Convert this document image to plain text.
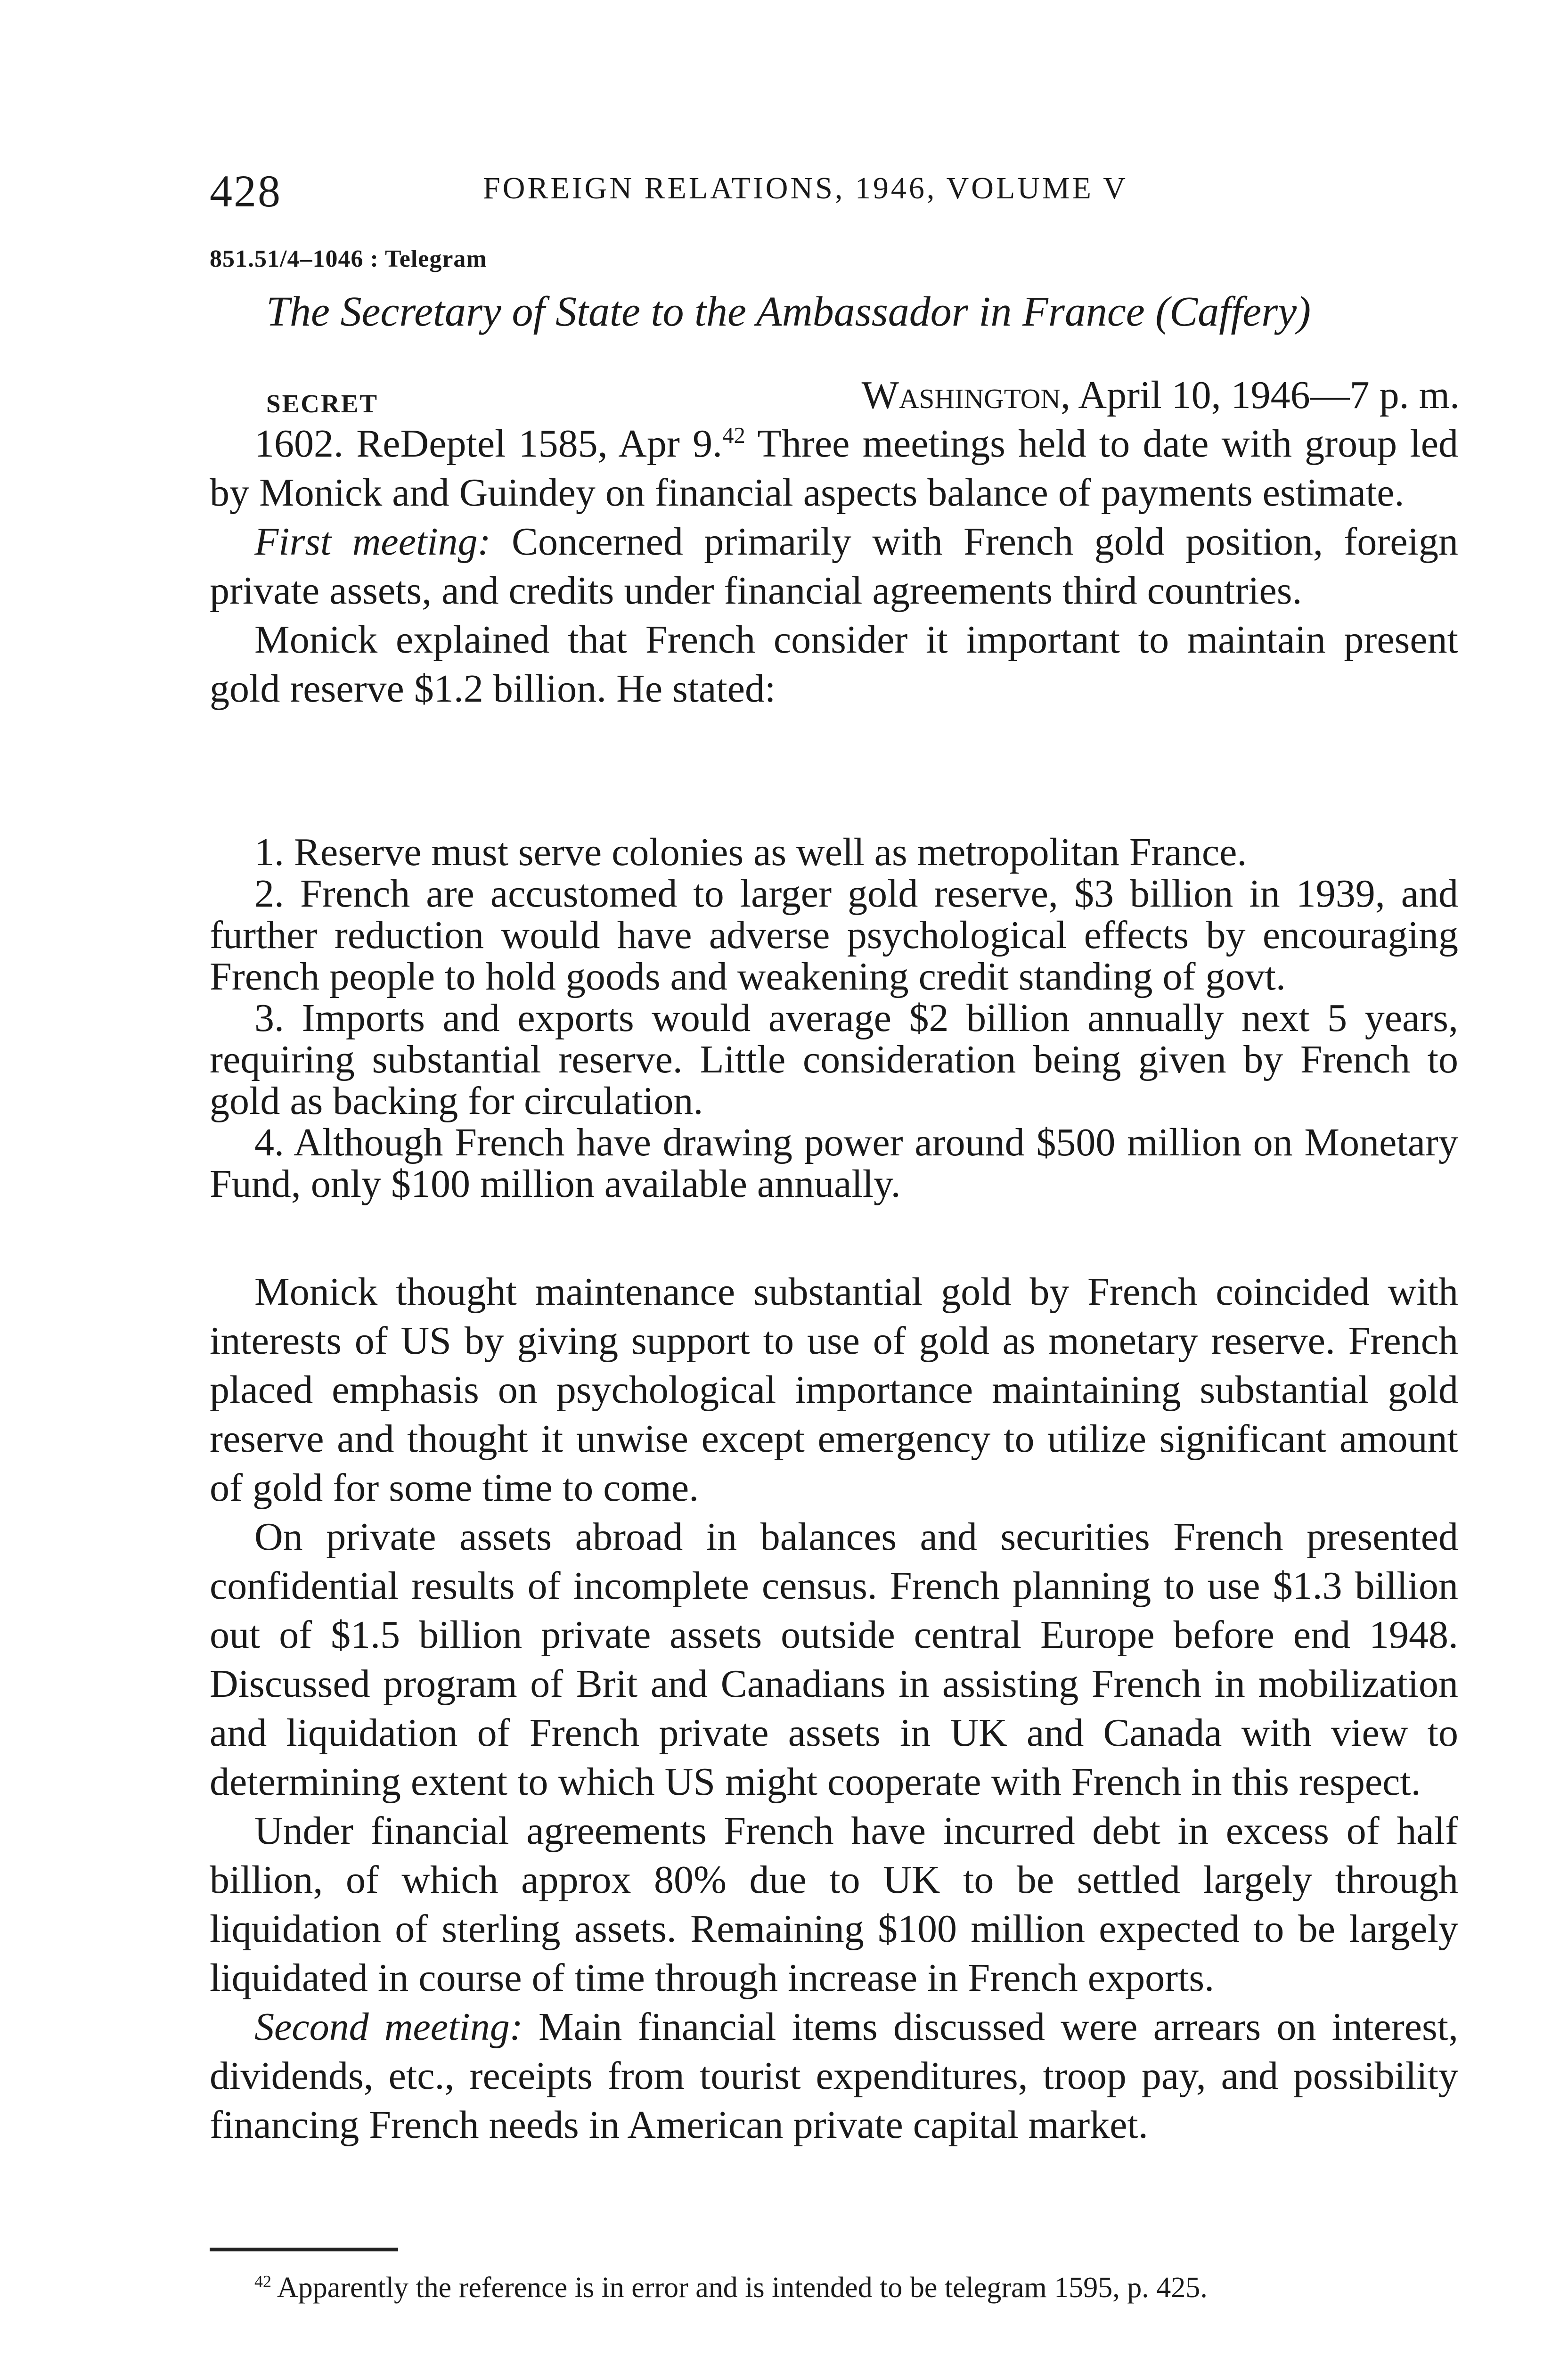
428	FOREIGN RELATIONS, 1946, VOLUME V
851.51/4–1046 : Telegram
The Secretary of State to the Ambassador in France (Caffery)
SECRET	Washington, April 10, 1946—7 p. m.

1602. ReDeptel 1585, Apr 9.42 Three meetings held to date with group led by Monick and Guindey on financial aspects balance of payments estimate.

First meeting: Concerned primarily with French gold position, foreign private assets, and credits under financial agreements third countries.

Monick explained that French consider it important to maintain present gold reserve $1.2 billion. He stated:

1. Reserve must serve colonies as well as metropolitan France.

2. French are accustomed to larger gold reserve, $3 billion in 1939, and further reduction would have adverse psychological effects by encouraging French people to hold goods and weakening credit standing of govt.

3. Imports and exports would average $2 billion annually next 5 years, requiring substantial reserve. Little consideration being given by French to gold as backing for circulation.

4. Although French have drawing power around $500 million on Monetary Fund, only $100 million available annually.

Monick thought maintenance substantial gold by French coincided with interests of US by giving support to use of gold as monetary reserve. French placed emphasis on psychological importance maintaining substantial gold reserve and thought it unwise except emergency to utilize significant amount of gold for some time to come.

On private assets abroad in balances and securities French presented confidential results of incomplete census. French planning to use $1.3 billion out of $1.5 billion private assets outside central Europe before end 1948. Discussed program of Brit and Canadians in assisting French in mobilization and liquidation of French private assets in UK and Canada with view to determining extent to which US might cooperate with French in this respect.

Under financial agreements French have incurred debt in excess of half billion, of which approx 80% due to UK to be settled largely through liquidation of sterling assets. Remaining $100 million expected to be largely liquidated in course of time through increase in French exports.

Second meeting: Main financial items discussed were arrears on interest, dividends, etc., receipts from tourist expenditures, troop pay, and possibility financing French needs in American private capital market.

$^{42}$ Apparently the reference is in error and is intended to be telegram 1595, p. 425.
